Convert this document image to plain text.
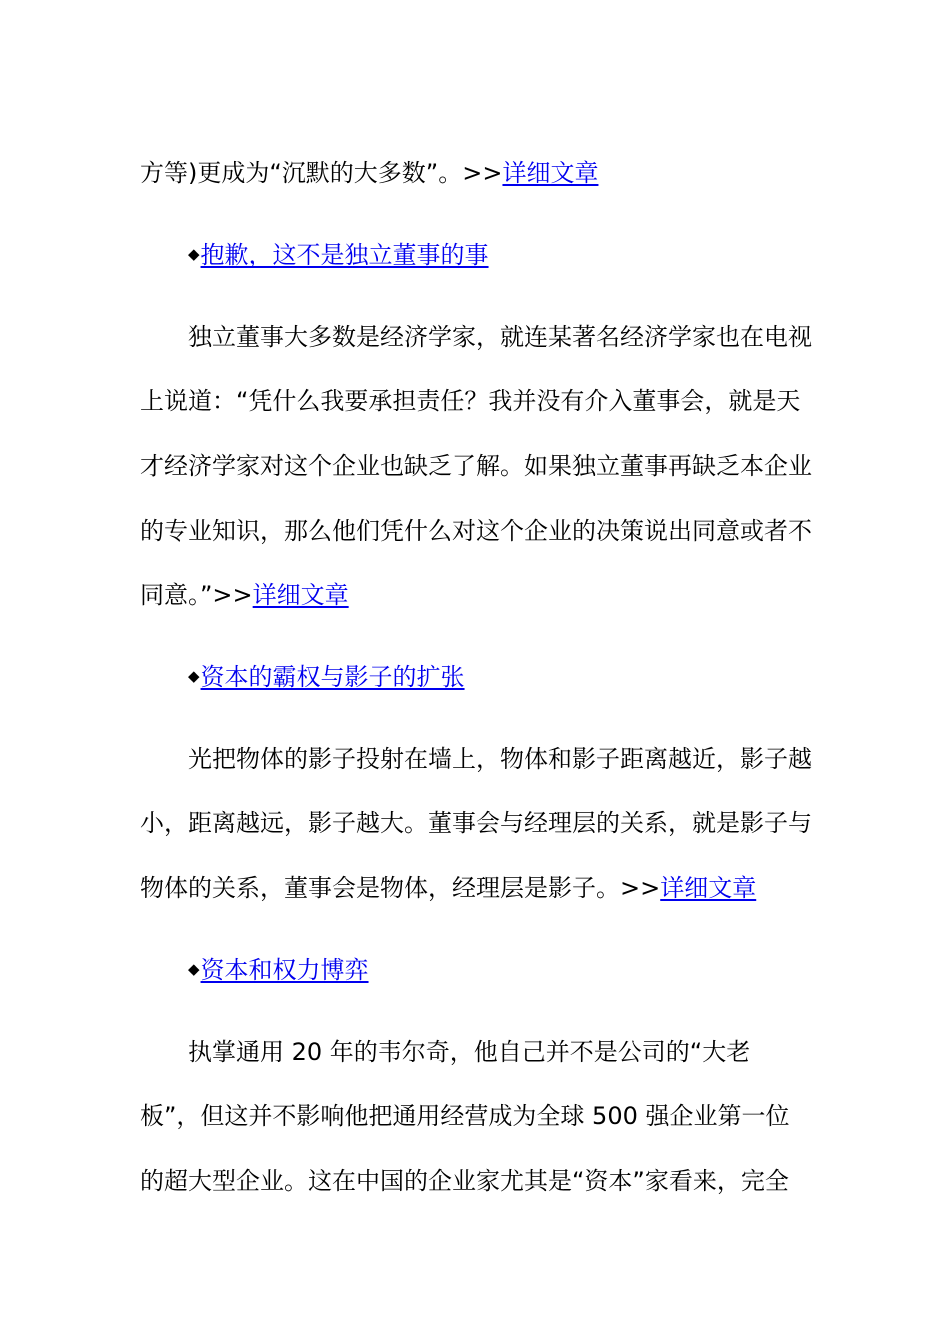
方等)更成为“沉默的大多数”。>>详细文章
◆抱歉，这不是独立董事的事
独立董事大多数是经济学家，就连某著名经济学家也在电视
上说道：“凭什么我要承担责任？我并没有介入董事会，就是天
才经济学家对这个企业也缺乏了解。如果独立董事再缺乏本企业
的专业知识，那么他们凭什么对这个企业的决策说出同意或者不
同意。”>>详细文章
◆资本的霸权与影子的扩张
光把物体的影子投射在墙上，物体和影子距离越近，影子越
小，距离越远，影子越大。董事会与经理层的关系，就是影子与
物体的关系，董事会是物体，经理层是影子。>>详细文章
◆资本和权力博弈
执掌通用 20 年的韦尔奇，他自己并不是公司的“大老
板”，但这并不影响他把通用经营成为全球 500 强企业第一位
的超大型企业。这在中国的企业家尤其是“资本”家看来，完全
